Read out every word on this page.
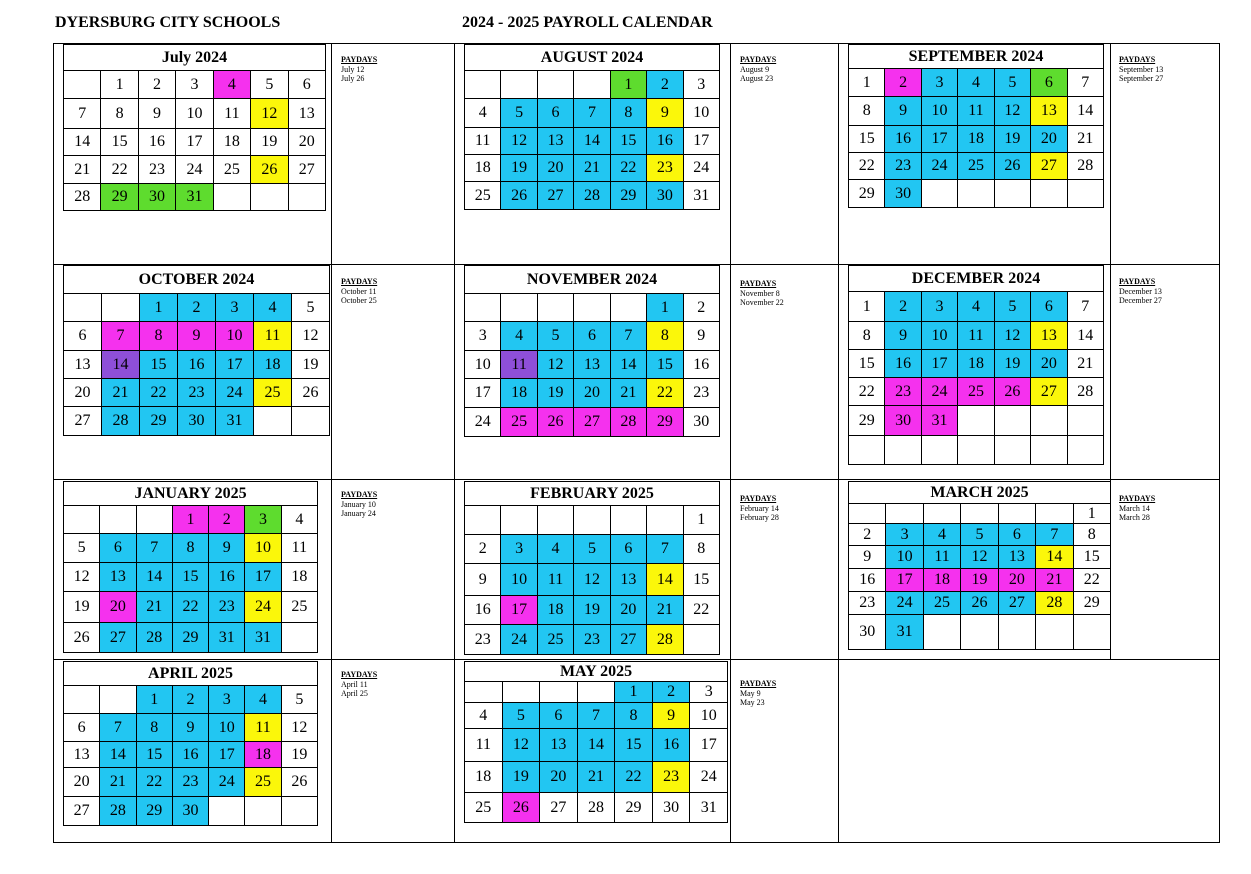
DYERSBURG CITY SCHOOLS	2024 - 2025 PAYROLL CALENDAR
July 2024						
	1	2	3	4	5	6
7	8	9	10	11	12	13
14	15	16	17	18	19	20
21	22	23	24	25	26	27
28	29	30	31			
PAYDAYS
July 12
July 26
AUGUST 2024						
				1	2	3
4	5	6	7	8	9	10
11	12	13	14	15	16	17
18	19	20	21	22	23	24
25	26	27	28	29	30	31
PAYDAYS
August 9
August 23
SEPTEMBER 2024						
1	2	3	4	5	6	7
8	9	10	11	12	13	14
15	16	17	18	19	20	21
22	23	24	25	26	27	28
29	30					
PAYDAYS
September 13
September 27
OCTOBER 2024						
		1	2	3	4	5
6	7	8	9	10	11	12
13	14	15	16	17	18	19
20	21	22	23	24	25	26
27	28	29	30	31		
PAYDAYS
October 11
October 25
NOVEMBER 2024						
					1	2
3	4	5	6	7	8	9
10	11	12	13	14	15	16
17	18	19	20	21	22	23
24	25	26	27	28	29	30
PAYDAYS
November 8
November 22
DECEMBER 2024						
1	2	3	4	5	6	7
8	9	10	11	12	13	14
15	16	17	18	19	20	21
22	23	24	25	26	27	28
29	30	31				

PAYDAYS
December 13
December 27
JANUARY 2025						
			1	2	3	4
5	6	7	8	9	10	11
12	13	14	15	16	17	18
19	20	21	22	23	24	25
26	27	28	29	31	31	
PAYDAYS
January 10
January 24
FEBRUARY 2025						
						1
2	3	4	5	6	7	8
9	10	11	12	13	14	15
16	17	18	19	20	21	22
23	24	25	23	27	28	
PAYDAYS
February 14
February 28
MARCH 2025						
						1
2	3	4	5	6	7	8
9	10	11	12	13	14	15
16	17	18	19	20	21	22
23	24	25	26	27	28	29
30	31					
PAYDAYS
March 14
March 28
APRIL 2025						
		1	2	3	4	5
6	7	8	9	10	11	12
13	14	15	16	17	18	19
20	21	22	23	24	25	26
27	28	29	30			
PAYDAYS
April 11
April 25
MAY 2025						
				1	2	3
4	5	6	7	8	9	10
11	12	13	14	15	16	17
18	19	20	21	22	23	24
25	26	27	28	29	30	31
PAYDAYS
May 9
May 23
